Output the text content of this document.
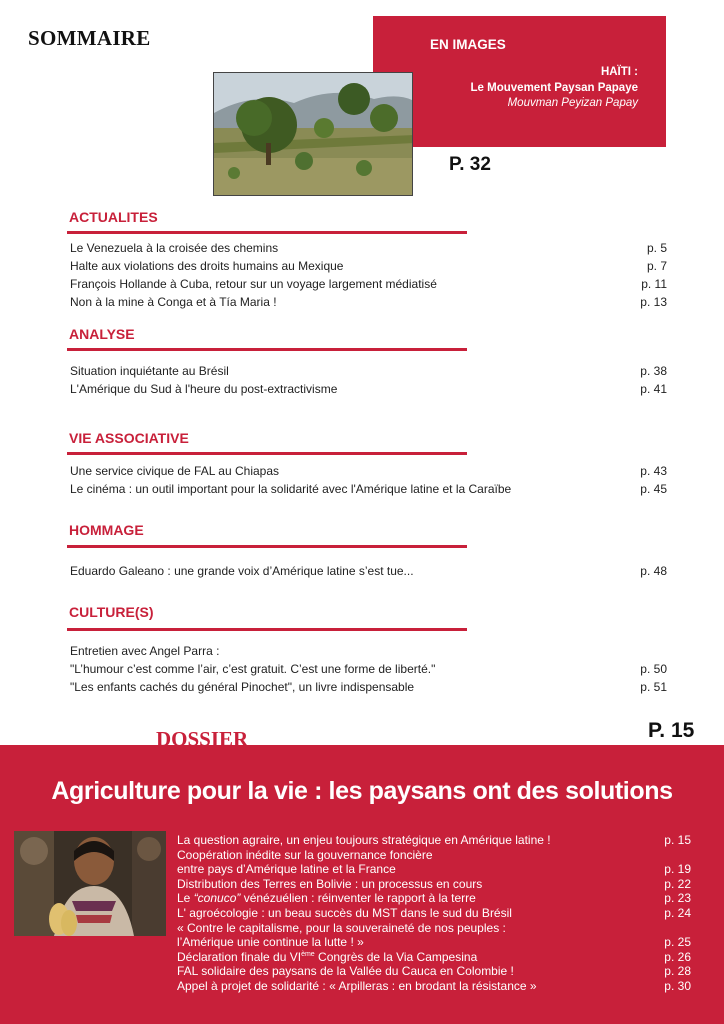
SOMMAIRE	EN IMAGES
HAÏTI :
Le Mouvement Paysan Papaye
Mouvman Peyizan Papay
P. 32
ACTUALITES
Le Venezuela à la croisée des chemins	p. 5
Halte aux violations des droits humains au Mexique	p. 7
François Hollande à Cuba, retour sur un voyage largement médiatisé	p. 11
Non à la mine à Conga et à Tía Maria !	p. 13
ANALYSE
Situation inquiétante au Brésil	p. 38
L'Amérique du Sud à l'heure du post-extractivisme	p. 41
VIE ASSOCIATIVE
Une service civique de FAL au Chiapas	p. 43
Le cinéma : un outil important pour la solidarité avec l'Amérique latine et la Caraïbe	p. 45
HOMMAGE
Eduardo Galeano : une grande voix d’Amérique latine s’est tue...	p. 48
CULTURE(S)
Entretien avec Angel Parra :
"L’humour c’est comme l’air, c’est gratuit. C’est une forme de liberté."	p. 50
"Les enfants cachés du général Pinochet", un livre indispensable	p. 51
DOSSIER	P. 15
Agriculture pour la vie : les paysans ont des solutions
La question agraire, un enjeu toujours stratégique en Amérique latine !	p. 15
Coopération inédite sur la gouvernance foncière
entre pays d’Amérique latine et la France	p. 19
Distribution des Terres en Bolivie : un processus en cours	p. 22
Le “conuco” vénézuélien : réinventer le rapport à la terre	p. 23
L' agroécologie : un beau succès du MST dans le sud du Brésil	p. 24
« Contre le capitalisme, pour la souveraineté de nos peuples :
l’Amérique unie continue la lutte ! »	p. 25
Déclaration finale du VIème Congrès de la Via Campesina	p. 26
FAL solidaire des paysans de la Vallée du Cauca en Colombie !	p. 28
Appel à projet de solidarité : « Arpilleras : en brodant la résistance »	p. 30
